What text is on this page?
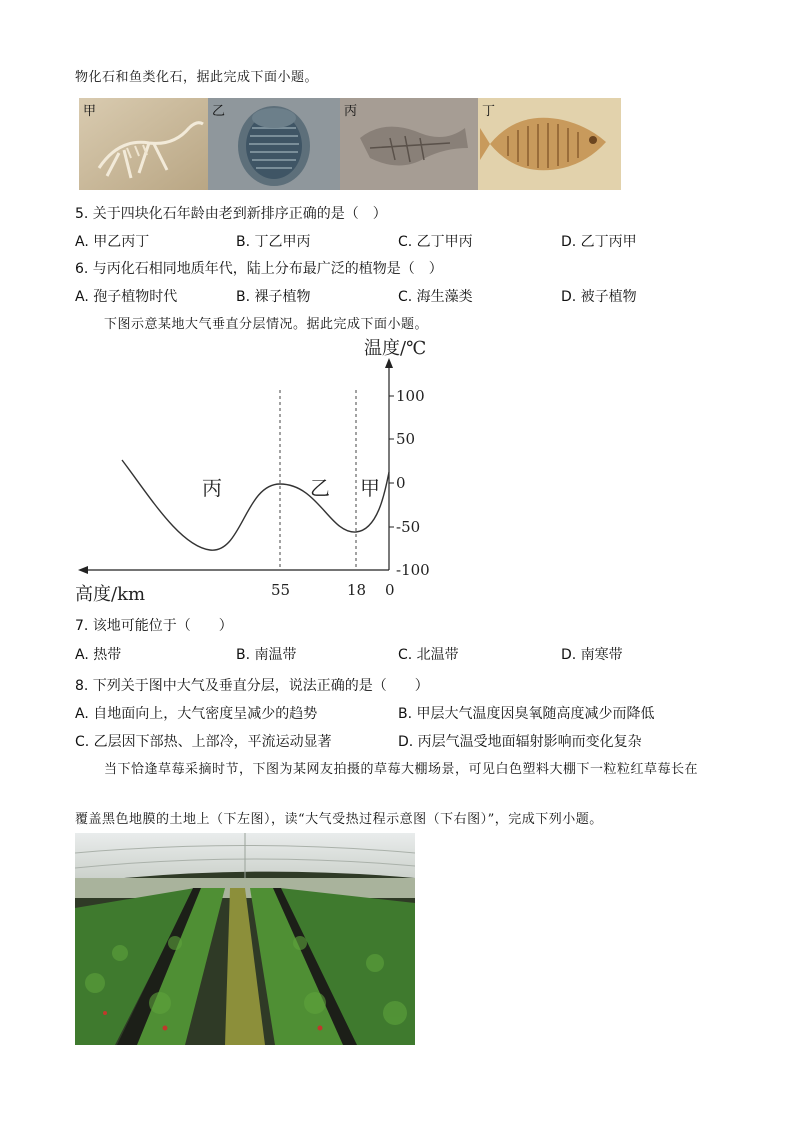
物化石和鱼类化石，据此完成下面小题。
甲	乙	丙	丁
5. 关于四块化石年龄由老到新排序正确的是（　）
A. 甲乙丙丁	B. 丁乙甲丙	C. 乙丁甲丙	D. 乙丁丙甲
6. 与丙化石相同地质年代，陆上分布最广泛的植物是（　）
A. 孢子植物时代	B. 裸子植物	C. 海生藻类	D. 被子植物
下图示意某地大气垂直分层情况。据此完成下面小题。
100
50
0
-50
-100
温度/℃
高度/km	55	18 0
丙	乙 甲
7. 该地可能位于（　　）
A. 热带	B. 南温带	C. 北温带	D. 南寒带
8. 下列关于图中大气及垂直分层，说法正确的是（　　）
A. 自地面向上，大气密度呈减少的趋势	B. 甲层大气温度因臭氧随高度减少而降低
C. 乙层因下部热、上部冷，平流运动显著	D. 丙层气温受地面辐射影响而变化复杂
当下恰逢草莓采摘时节，下图为某网友拍摄的草莓大棚场景，可见白色塑料大棚下一粒粒红草莓长在
覆盖黑色地膜的土地上（下左图），读“大气受热过程示意图（下右图）”，完成下列小题。
